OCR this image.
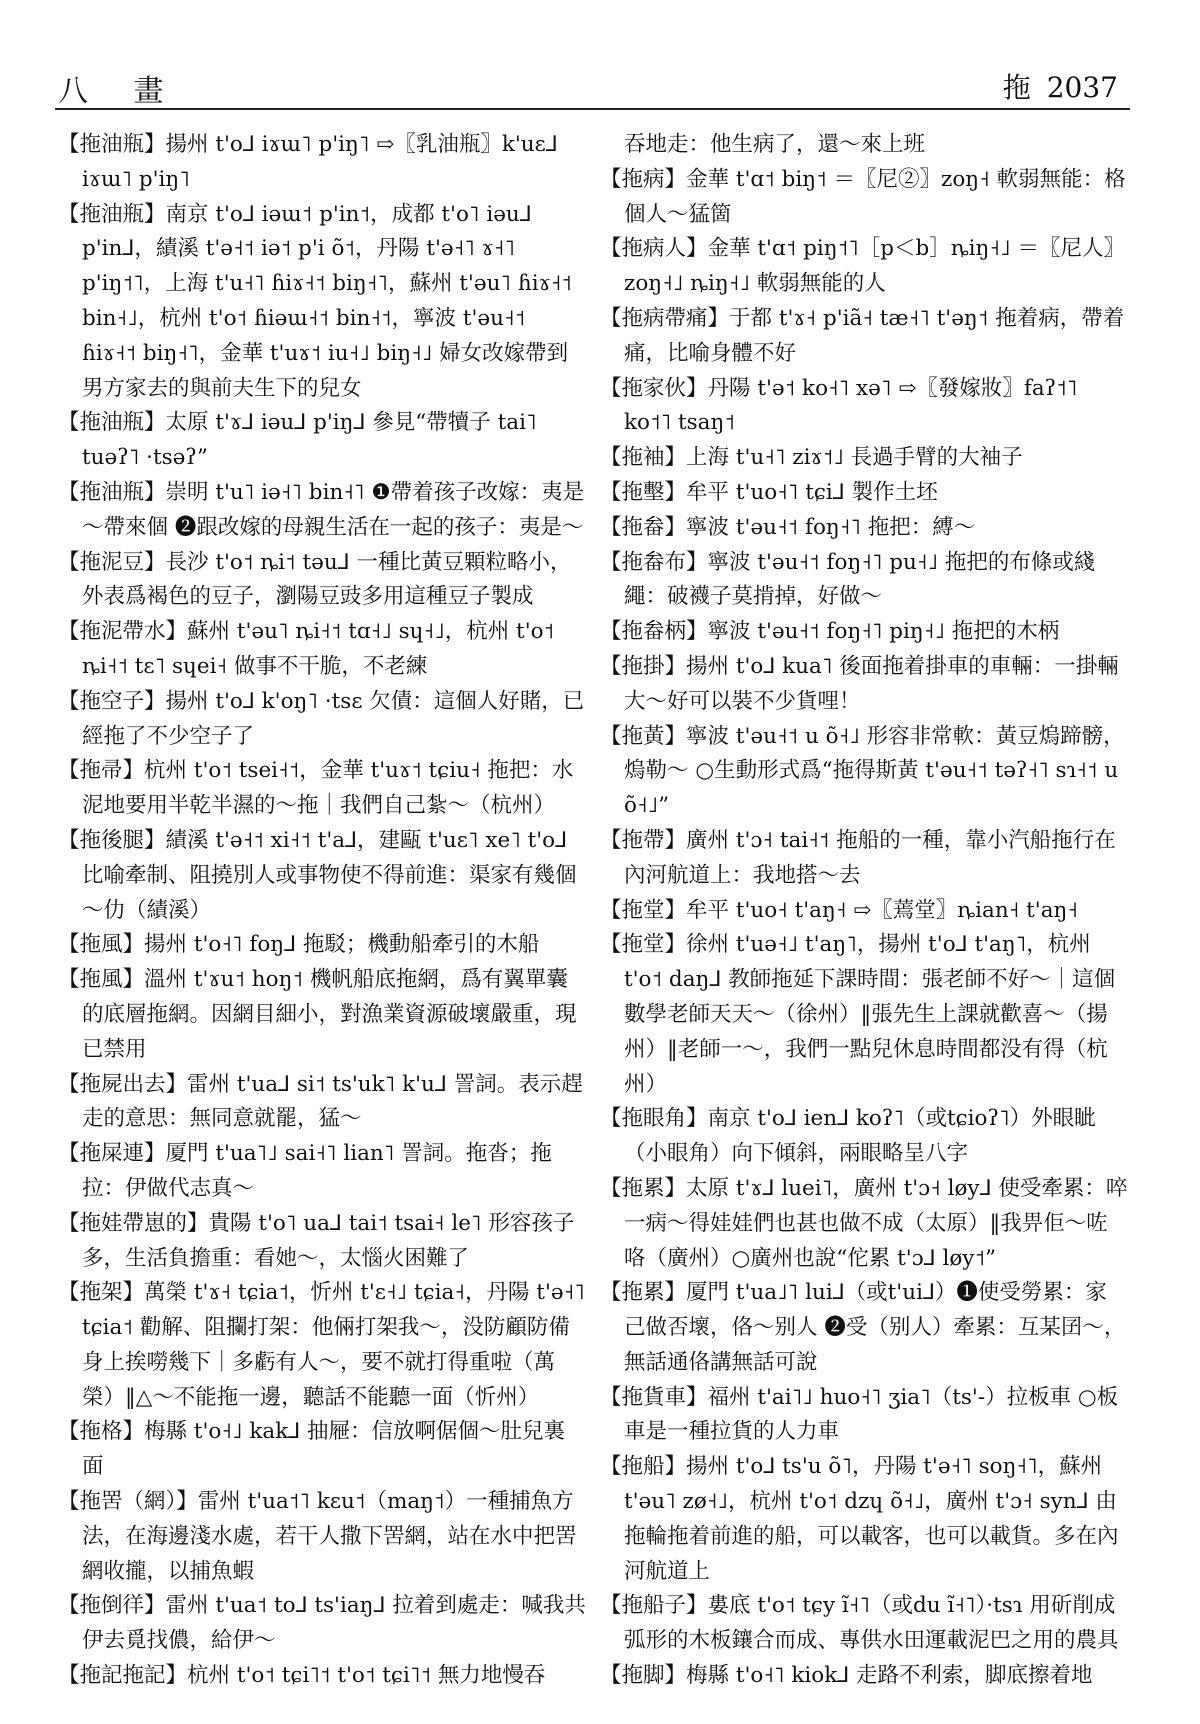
八 畫	拖 2037

【拖油瓶】揚州 t'o⅃ iɤɯ˥ p'iŋ˥ ⇨〖乳油瓶〗k'uɛ⅃ iɤɯ˥ p'iŋ˥

【拖油瓶】南京 t'o⅃ iəɯ˦ p'in˦，成都 t'o˥ iəu⅃ p'in⅃，績溪 t'ə˧˦ iə˦ p'i õ˦，丹陽 t'ə˧˥ ɤ˧˥ p'iŋ˦˥，上海 t'u˧˥ ɦiɤ˧˦ biŋ˧˥，蘇州 t'əu˥ ɦiɤ˧˦ bin˧˩，杭州 t'o˦ ɦiəɯ˧˦ bin˧˦，寧波 t'əu˧˦ ɦiɤ˧˦ biŋ˧˥，金華 t'uɤ˦ iu˧˩ biŋ˧˩ 婦女改嫁帶到男方家去的與前夫生下的兒女

【拖油瓶】太原 t'ɤ⅃ iəu⅃ p'iŋ⅃ 參見“帶犢子 tai˥ tuəʔ˥ ·tsəʔ”

【拖油瓶】崇明 t'u˥ iə˧˥ bin˧˥ ❶帶着孩子改嫁：夷是～帶來個 ❷跟改嫁的母親生活在一起的孩子：夷是～

【拖泥豆】長沙 t'o˦ ȵi˦ təu⅃ 一種比黃豆顆粒略小，外表爲褐色的豆子，瀏陽豆豉多用這種豆子製成

【拖泥帶水】蘇州 t'əu˥ ȵi˧˦ tɑ˧˩ sɥ˧˩，杭州 t'o˦ ȵi˧˦ tɛ˥ sɥei˧ 做事不干脆，不老練

【拖空子】揚州 t'o⅃ k'oŋ˥ ·tsɛ 欠債：這個人好賭，已經拖了不少空子了

【拖帚】杭州 t'o˦ tsei˧˦，金華 t'uɤ˦ tɕiu˧ 拖把：水泥地要用半乾半濕的～拖｜我們自己紮～（杭州）

【拖後腿】績溪 t'ə˧˦ xi˧˦ t'a⅃，建甌 t'uɛ˥ xe˥ t'o⅃ 比喻牽制、阻撓別人或事物使不得前進：渠家有幾個～仂（績溪）

【拖風】揚州 t'o˧˥ foŋ⅃ 拖駁；機動船牽引的木船

【拖風】溫州 t'ɤu˦ hoŋ˦ 機帆船底拖網，爲有翼單囊的底層拖網。因網目細小，對漁業資源破壞嚴重，現已禁用

【拖屍出去】雷州 t'ua⅃ si˦ ts'uk˥ k'u⅃ 詈詞。表示趕走的意思：無同意就罷，猛～

【拖屎連】厦門 t'ua˥˩ sai˧˥ lian˥ 詈詞。拖沓；拖拉：伊做代志真～

【拖娃帶崽的】貴陽 t'o˥ ua⅃ tai˦ tsai˧ le˥ 形容孩子多，生活負擔重：看她～，太惱火困難了

【拖架】萬榮 t'ɤ˧ tɕia˦，忻州 t'ɛ˧˩ tɕia˧，丹陽 t'ə˧˥ tɕia˦ 勸解、阻攔打架：他倆打架我～，没防顧防備身上挨嘮幾下｜多虧有人～，要不就打得重啦（萬榮）‖△～不能拖一邊，聽話不能聽一面（忻州）

【拖格】梅縣 t'o˧˩ kak⅃ 抽屜：信放啊倨個～肚兒裏面

【拖罟（網）】雷州 t'ua˦˥ kɛu˦（maŋ˦）一種捕魚方法，在海邊淺水處，若干人撒下罟網，站在水中把罟網收攏，以捕魚蝦

【拖倒徉】雷州 t'ua˦ to⅃ ts'iaŋ⅃ 拉着到處走：喊我共伊去覓找儂，給伊～

【拖記拖記】杭州 t'o˦ tɕi˥˦ t'o˦ tɕi˥˦ 無力地慢吞

吞地走：他生病了，還～來上班

【拖病】金華 t'ɑ˦ biŋ˦ ＝〖尼②〗zoŋ˧ 軟弱無能：格個人～猛箇

【拖病人】金華 t'ɑ˦ piŋ˦˥［p＜b］ȵiŋ˧˩ ＝〖尼人〗zoŋ˧˩ ȵiŋ˧˩ 軟弱無能的人

【拖病帶痛】于都 t'ɤ˧ p'iã˧ tæ˧˥ t'əŋ˦ 拖着病，帶着痛，比喻身體不好

【拖家伙】丹陽 t'ə˦ ko˧˥ xə˥ ⇨〖發嫁妝〗faʔ˦˥ ko˦˥ tsaŋ˦

【拖袖】上海 t'u˧˥ ziɤ˦˩ 長過手臂的大袖子

【拖墼】牟平 t'uo˧˥ tɕi⅃ 製作土坯

【拖畚】寧波 t'əu˧˦ foŋ˧˥ 拖把：縛～

【拖畚布】寧波 t'əu˧˦ foŋ˧˥ pu˧˩ 拖把的布條或綫繩：破襪子莫掯掉，好做～

【拖畚柄】寧波 t'əu˧˦ foŋ˧˥ piŋ˧˩ 拖把的木柄

【拖掛】揚州 t'o⅃ kua˥ 後面拖着掛車的車輛：一掛輛大～好可以裝不少貨哩！

【拖黃】寧波 t'əu˧˦ u õ˧˩ 形容非常軟：黃豆熓蹄髈，熓勒～ ○生動形式爲“拖得斯黃 t'əu˧˦ təʔ˧˥ sɿ˧˦ u õ˧˩”

【拖帶】廣州 t'ɔ˧ tai˧˦ 拖船的一種，靠小汽船拖行在內河航道上：我地搭～去

【拖堂】牟平 t'uo˧ t'aŋ˧ ⇨〖蔫堂〗ȵian˧ t'aŋ˧

【拖堂】徐州 t'uə˧˩ t'aŋ˥，揚州 t'o⅃ t'aŋ˥，杭州 t'o˦ daŋ⅃ 教師拖延下課時間：張老師不好～｜這個數學老師天天～（徐州）‖張先生上課就歡喜～（揚州）‖老師一～，我們一點兒休息時間都没有得（杭州）

【拖眼角】南京 t'o⅃ ien⅃ koʔ˥（或tɕioʔ˥）外眼眦（小眼角）向下傾斜，兩眼略呈八字

【拖累】太原 t'ɤ⅃ luei˥，廣州 t'ɔ˧ løy⅃ 使受牽累：啐一病～得娃娃們也甚也做不成（太原）‖我畀佢～咗咯（廣州）○廣州也說“佗累 t'ɔ⅃ løy˦”

【拖累】厦門 t'ua˩˥ lui⅃（或t'ui⅃）❶使受勞累：家己做否壞，佫～别人 ❷受（别人）牽累：互某囝～，無話通佫講無話可說

【拖貨車】福州 t'ai˥˩ huo˧˥ ʒia˥（ts'-）拉板車 ○板車是一種拉貨的人力車

【拖船】揚州 t'o⅃ ts'u õ˥，丹陽 t'ə˧˥ soŋ˧˥，蘇州 t'əu˥ zø˧˩，杭州 t'o˦ dzɥ õ˧˩，廣州 t'ɔ˧ syn⅃ 由拖輪拖着前進的船，可以載客，也可以載貨。多在內河航道上

【拖船子】婁底 t'o˦ tɕy ĩ˧˥（或du ĩ˧˥）·tsɿ 用斫削成弧形的木板鑲合而成、專供水田運載泥巴之用的農具

【拖脚】梅縣 t'o˧˥ kiok⅃ 走路不利索，脚底擦着地
